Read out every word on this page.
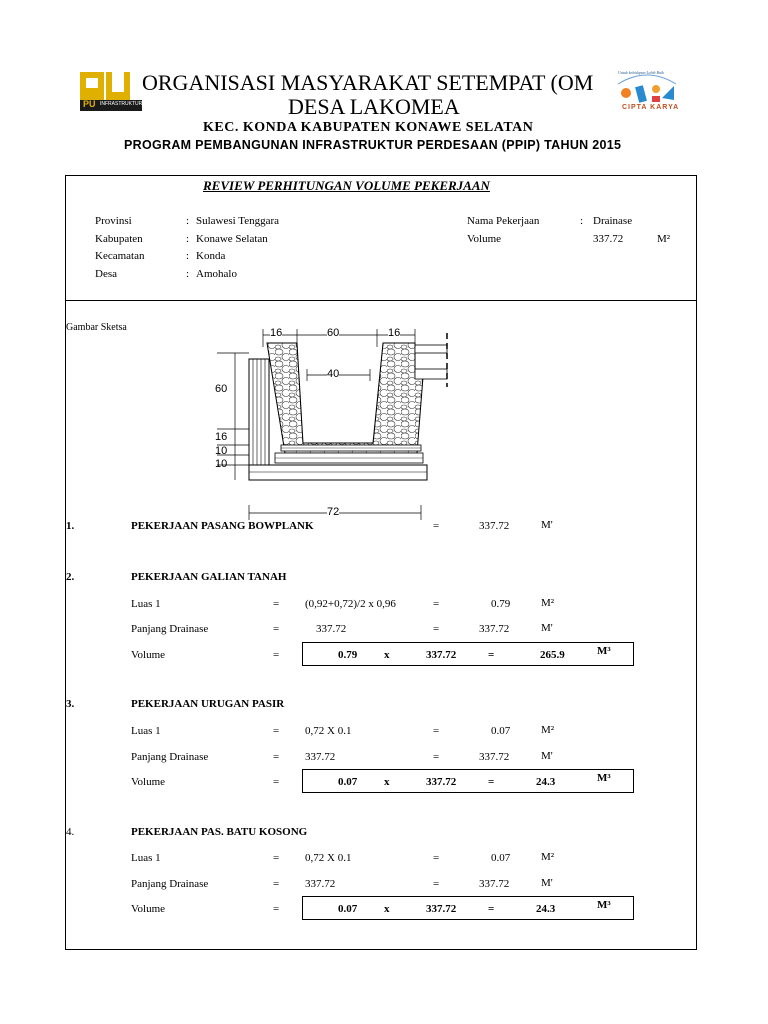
PU INFRASTRUKTUR
ORGANISASI MASYARAKAT SETEMPAT (OM
DESA LAKOMEA
KEC. KONDA KABUPATEN KONAWE SELATAN
PROGRAM PEMBANGUNAN INFRASTRUKTUR PERDESAAN (PPIP) TAHUN 2015
Untuk kehidupan Lebih Baik
CIPTA KARYA
REVIEW PERHITUNGAN VOLUME PEKERJAAN
Provinsi	: Sulawesi Tenggara
Kabupaten	: Konawe Selatan
Kecamatan	: Konda
Desa	: Amohalo
Nama Pekerjaan	: Drainase
Volume	337.72	M²
Gambar Sketsa	16	60	16
40
60
16
10
10
72
1.	PEKERJAAN PASANG BOWPLANK	=	337.72	M'
2.	PEKERJAAN GALIAN TANAH
Luas 1	= (0,92+0,72)/2 x 0,96	=	0.79	M²
Panjang Drainase	=	337.72	=	337.72	M'
Volume	=	0.79 x	337.72	=	265.9	M³
3.	PEKERJAAN URUGAN PASIR
Luas 1	= 0,72 X 0.1	=	0.07	M²
Panjang Drainase	= 337.72	=	337.72	M'
Volume	=	0.07 x	337.72	=	24.3	M³
4.	PEKERJAAN PAS. BATU KOSONG
Luas 1	= 0,72 X 0.1	=	0.07	M²
Panjang Drainase	= 337.72	=	337.72	M'
Volume	=	0.07 x	337.72	=	24.3	M³
